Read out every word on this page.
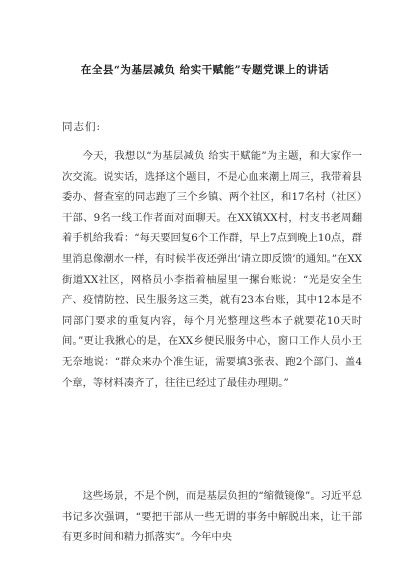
在全县“为基层减负 给实干赋能”专题党课上的讲话
同志们:

今天，我想以“为基层减负 给实干赋能”为主题，和大家作一次交流。说实话，选择这个题目，不是心血来潮上周三，我带着县委办、督查室的同志跑了三个乡镇、两个社区，和17名村（社区）干部、9名一线工作者面对面聊天。在XX镇XX村，村支书老周翻着手机给我看：“每天要回复6个工作群，早上7点到晚上10点，群里消息像潮水一样，有时候半夜还弹出‘请立即反馈’的通知。”在XX街道XX社区，网格员小李指着柚屋里一摞台账说：“光是安全生产、疫情防控、民生服务这三类，就有23本台账，其中12本是不同部门要求的重复内容，每个月光整理这些本子就要花10天时间。”更让我揪心的是，在XX乡便民服务中心，窗口工作人员小王无奈地说：“群众来办个准生证，需要填3张表、跑2个部门、盖4个章，等材料凑齐了，往往已经过了最佳办理期。”

这些场景，不是个例，而是基层负担的“缩微镜像”。习近平总书记多次强调，“要把干部从一些无谓的事务中解脱出来，让干部有更多时间和精力抓落实”。今年中央
